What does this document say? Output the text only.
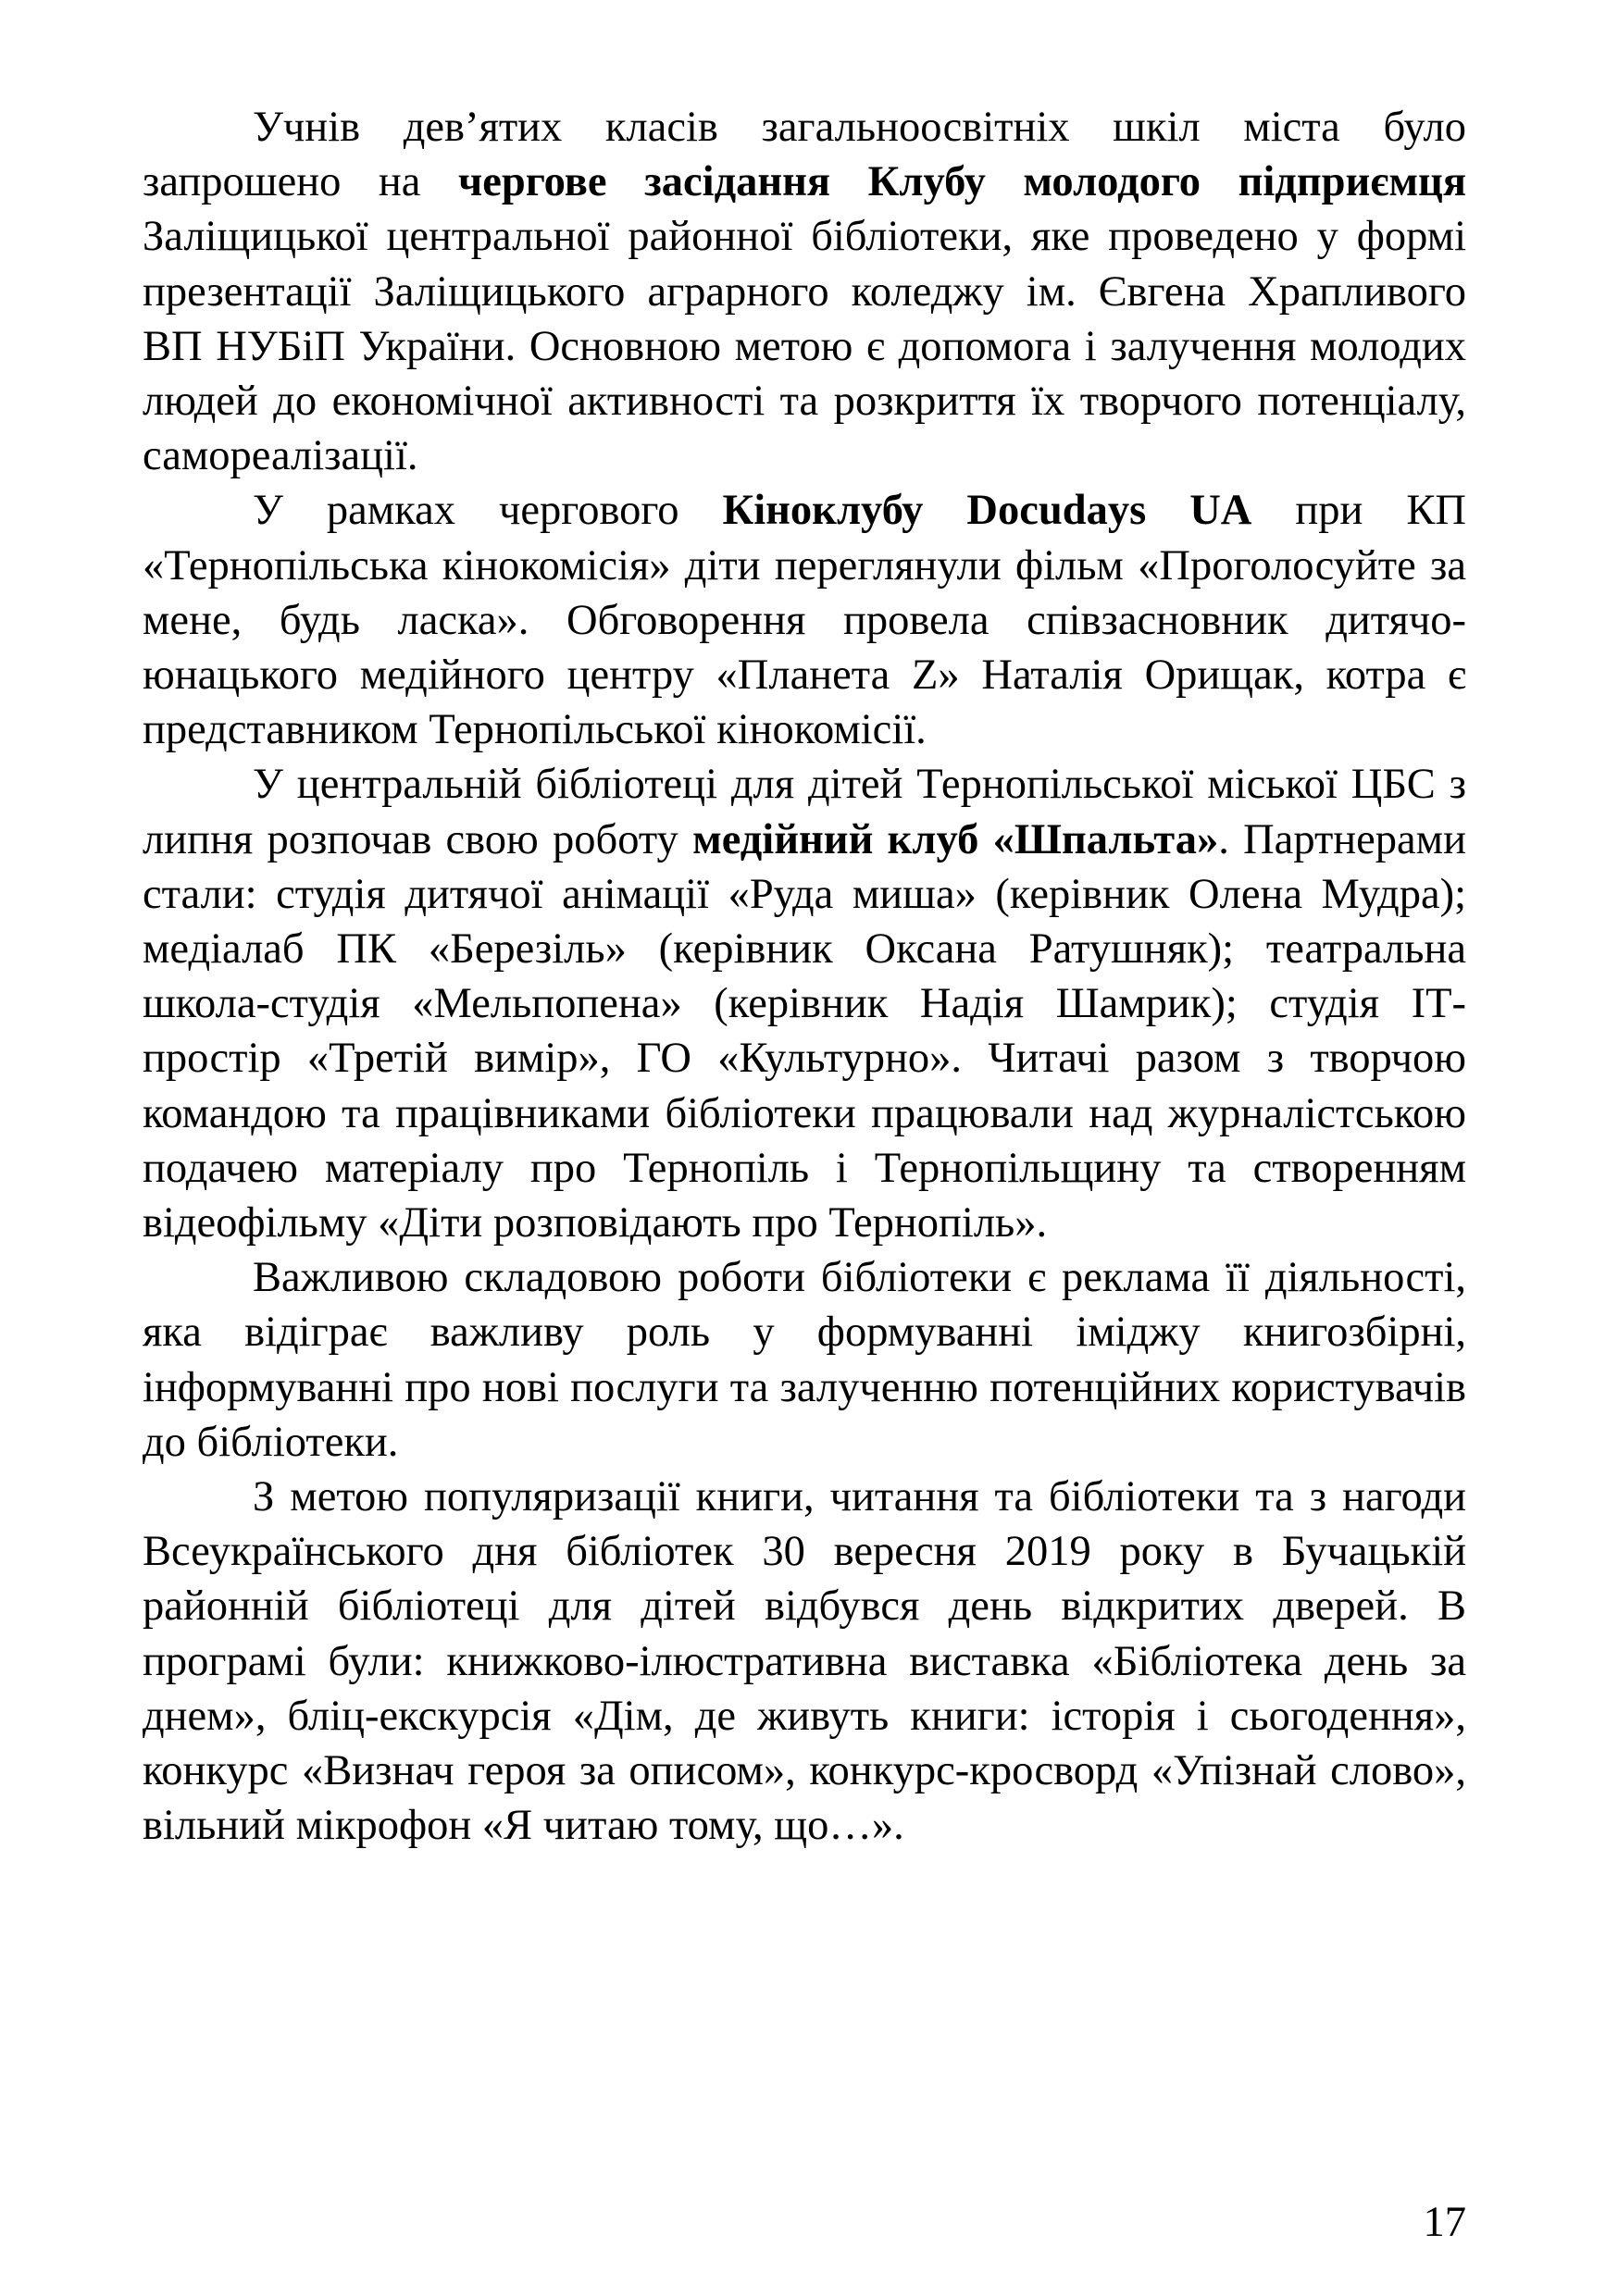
Учнів дев’ятих класів загальноосвітніх шкіл міста було запрошено на чергове засідання Клубу молодого підприємця Заліщицької центральної районної бібліотеки, яке проведено у формі презентації Заліщицького аграрного коледжу ім. Євгена Храпливого ВП НУБіП України. Основною метою є допомога і залучення молодих людей до економічної активності та розкриття їх творчого потенціалу, самореалізації.

У рамках чергового Кіноклубу Docudays UA при КП «Тернопільська кінокомісія» діти переглянули фільм «Проголосуйте за мене, будь ласка». Обговорення провела співзасновник дитячо-юнацького медійного центру «Планета Z» Наталія Орищак, котра є представником Тернопільської кінокомісії.

У центральній бібліотеці для дітей Тернопільської міської ЦБС з липня розпочав свою роботу медійний клуб «Шпальта». Партнерами стали: студія дитячої анімації «Руда миша» (керівник Олена Мудра); медіалаб ПК «Березіль» (керівник Оксана Ратушняк); театральна школа-студія «Мельпопена» (керівник Надія Шамрик); студія ІТ-простір «Третій вимір», ГО «Культурно». Читачі разом з творчою командою та працівниками бібліотеки працювали над журналістською подачею матеріалу про Тернопіль і Тернопільщину та створенням відеофільму «Діти розповідають про Тернопіль».

Важливою складовою роботи бібліотеки є реклама її діяльності, яка відіграє важливу роль у формуванні іміджу книгозбірні, інформуванні про нові послуги та залученню потенційних користувачів до бібліотеки.

З метою популяризації книги, читання та бібліотеки та з нагоди Всеукраїнського дня бібліотек 30 вересня 2019 року в Бучацькій районній бібліотеці для дітей відбувся день відкритих дверей. В програмі були: книжково-ілюстративна виставка «Бібліотека день за днем», бліц-екскурсія «Дім, де живуть книги: історія і сьогодення», конкурс «Визнач героя за описом», конкурс-кросворд «Упізнай слово», вільний мікрофон «Я читаю тому, що…».

17
